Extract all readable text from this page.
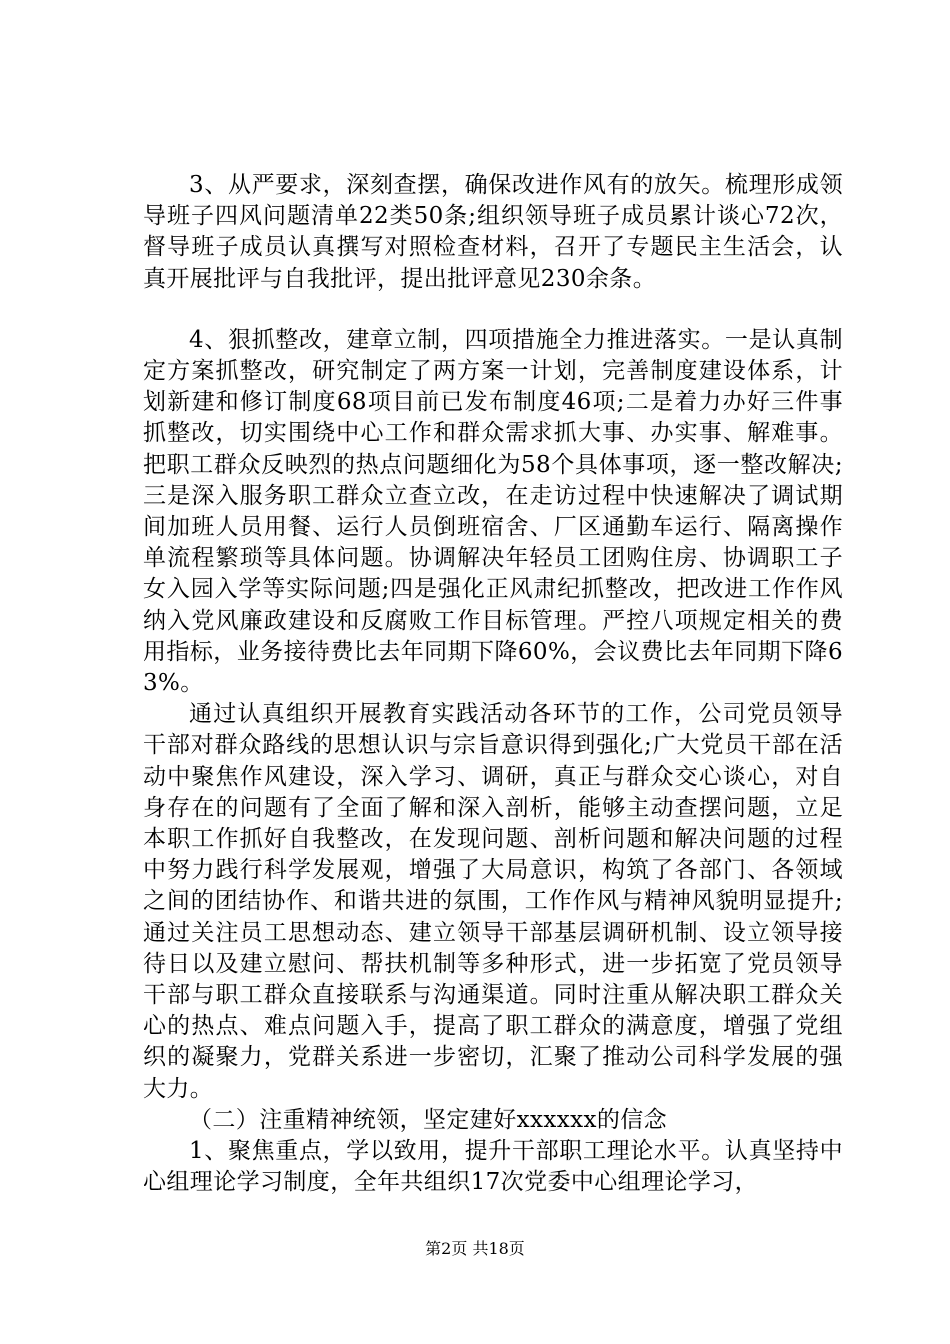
3、从严要求，深刻查摆，确保改进作风有的放矢。梳理形成领导班子四风问题清单22类50条;组织领导班子成员累计谈心72次，督导班子成员认真撰写对照检查材料，召开了专题民主生活会，认真开展批评与自我批评，提出批评意见230余条。

4、狠抓整改，建章立制，四项措施全力推进落实。一是认真制定方案抓整改，研究制定了两方案一计划，完善制度建设体系，计划新建和修订制度68项目前已发布制度46项;二是着力办好三件事抓整改，切实围绕中心工作和群众需求抓大事、办实事、解难事。把职工群众反映烈的热点问题细化为58个具体事项，逐一整改解决;三是深入服务职工群众立查立改，在走访过程中快速解决了调试期间加班人员用餐、运行人员倒班宿舍、厂区通勤车运行、隔离操作单流程繁琐等具体问题。协调解决年轻员工团购住房、协调职工子女入园入学等实际问题;四是强化正风肃纪抓整改，把改进工作作风纳入党风廉政建设和反腐败工作目标管理。严控八项规定相关的费用指标，业务接待费比去年同期下降60%，会议费比去年同期下降63%。

通过认真组织开展教育实践活动各环节的工作，公司党员领导干部对群众路线的思想认识与宗旨意识得到强化;广大党员干部在活动中聚焦作风建设，深入学习、调研，真正与群众交心谈心，对自身存在的问题有了全面了解和深入剖析，能够主动查摆问题，立足本职工作抓好自我整改，在发现问题、剖析问题和解决问题的过程中努力践行科学发展观，增强了大局意识，构筑了各部门、各领域之间的团结协作、和谐共进的氛围，工作作风与精神风貌明显提升;通过关注员工思想动态、建立领导干部基层调研机制、设立领导接待日以及建立慰问、帮扶机制等多种形式，进一步拓宽了党员领导干部与职工群众直接联系与沟通渠道。同时注重从解决职工群众关心的热点、难点问题入手，提高了职工群众的满意度，增强了党组织的凝聚力，党群关系进一步密切，汇聚了推动公司科学发展的强大力。

（二）注重精神统领，坚定建好xxxxxx的信念

1、聚焦重点，学以致用，提升干部职工理论水平。认真坚持中心组理论学习制度，全年共组织17次党委中心组理论学习，

第2页 共18页
